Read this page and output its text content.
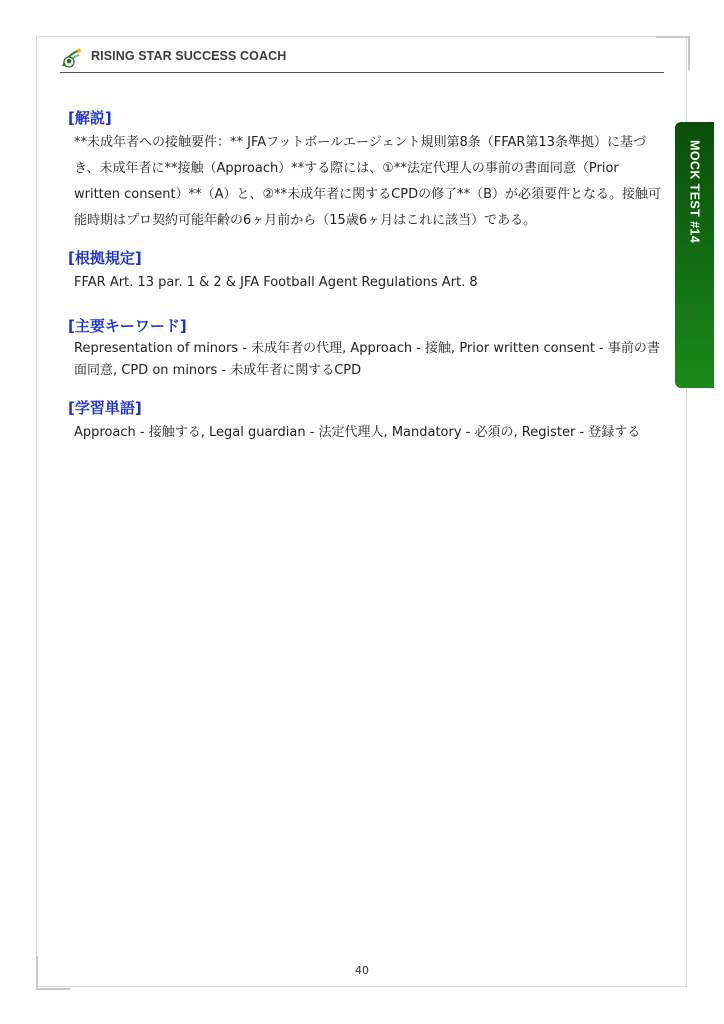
RISING STAR SUCCESS COACH
MOCK TEST #14
[解説]

**未成年者への接触要件：** JFAフットボールエージェント規則第8条（FFAR第13条準拠）に基づき、未成年者に**接触（Approach）**する際には、①**法定代理人の事前の書面同意（Prior written consent）**（A）と、②**未成年者に関するCPDの修了**（B）が必須要件となる。接触可能時期はプロ契約可能年齢の6ヶ月前から（15歳6ヶ月はこれに該当）である。

[根拠規定]

FFAR Art. 13 par. 1 & 2 & JFA Football Agent Regulations Art. 8

[主要キーワード]

Representation of minors - 未成年者の代理, Approach - 接触, Prior written consent - 事前の書面同意, CPD on minors - 未成年者に関するCPD

[学習単語]

Approach - 接触する, Legal guardian - 法定代理人, Mandatory - 必須の, Register - 登録する

40
